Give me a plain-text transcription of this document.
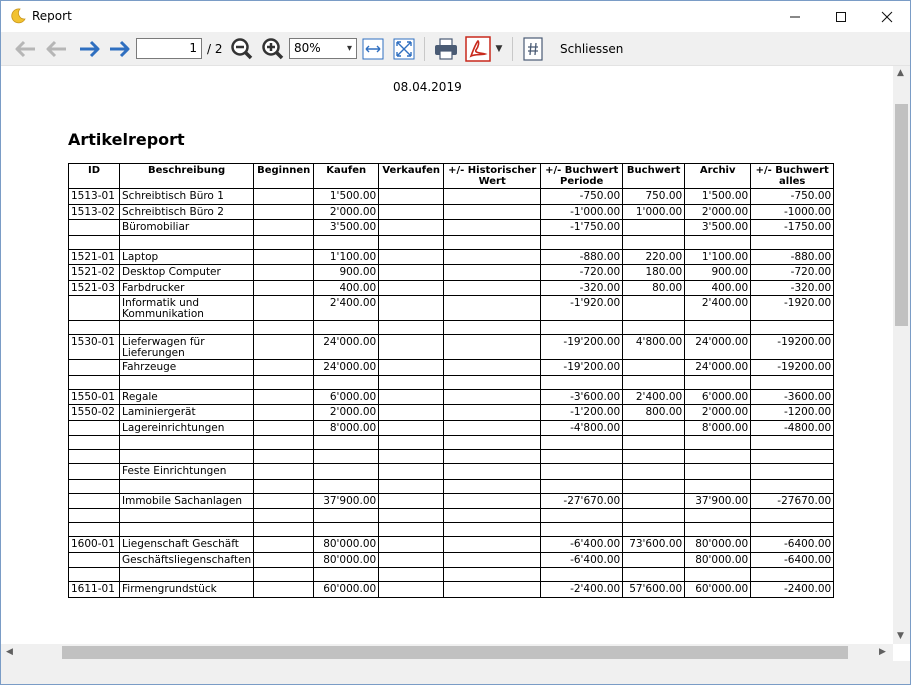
Report
1 / 2	80%	▾	▼	Schliessen
08.04.2019
Artikelreport
ID	Beschreibung	Beginnen	Kaufen	Verkaufen	+/- Historischer Wert	+/- Buchwert Periode	Buchwert	Archiv	+/- Buchwert alles
1513-01	Schreibtisch Büro 1		1'500.00			-750.00	750.00	1'500.00	-750.00
1513-02	Schreibtisch Büro 2		2'000.00			-1'000.00	1'000.00	2'000.00	-1000.00
	Büromobiliar		3'500.00			-1'750.00		3'500.00	-1750.00

1521-01	Laptop		1'100.00			-880.00	220.00	1'100.00	-880.00
1521-02	Desktop Computer		900.00			-720.00	180.00	900.00	-720.00
1521-03	Farbdrucker		400.00			-320.00	80.00	400.00	-320.00
	Informatik und Kommunikation		2'400.00			-1'920.00		2'400.00	-1920.00

1530-01	Lieferwagen für Lieferungen		24'000.00			-19'200.00	4'800.00	24'000.00	-19200.00
	Fahrzeuge		24'000.00			-19'200.00		24'000.00	-19200.00

1550-01	Regale		6'000.00			-3'600.00	2'400.00	6'000.00	-3600.00
1550-02	Laminiergerät		2'000.00			-1'200.00	800.00	2'000.00	-1200.00
	Lagereinrichtungen		8'000.00			-4'800.00		8'000.00	-4800.00

	Feste Einrichtungen								

	Immobile Sachanlagen		37'900.00			-27'670.00		37'900.00	-27670.00

1600-01	Liegenschaft Geschäft		80'000.00			-6'400.00	73'600.00	80'000.00	-6400.00
	Geschäftsliegenschaften		80'000.00			-6'400.00		80'000.00	-6400.00

1611-01	Firmengrundstück		60'000.00			-2'400.00	57'600.00	60'000.00	-2400.00
▲
▼
◀	▶
